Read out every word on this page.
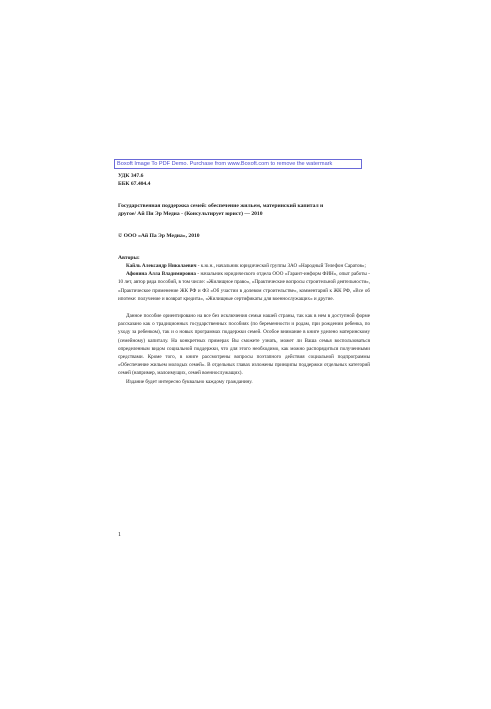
Boxoft Image To PDF Demo. Purchase from www.Boxoft.com to remove the watermark
УДК 347.6
ББК 67.404.4
Государственная поддержка семей: обеспечение жильем, материнский капитал и
другое/ Ай Пи Эр Медиа - (Консультирует юрист) — 2010
© ООО «Ай Па Эр Медиа», 2010
Авторы:
Кайль Александр Николаевич - к.ю.н., начальник юридической группы ЗАО «Народный Телефон Саратов»;
Афонина Алла Владимировна - начальник юридического отдела ООО «Гарант-информ ФИН», опыт работы - 10 лет, автор ряда пособий, в том числе: «Жилищное право», «Практические вопросы строительной деятельности», «Практическое применение ЖК РФ и ФЗ «Об участии в долевом строительстве», комментарий к ЖК РФ, «Все об ипотеке: получение и возврат кредита», «Жилищные сертификаты для военнослужащих» и другие.
Данное пособие ориентировано на все без исключения семьи нашей страны, так как в нем в доступной форме рассказано как о традиционных государственных пособиях (по беременности и родам, при рождении ребенка, по уходу за ребенком), так и о новых программах поддержки семей. Особое внимание в книге уделено материнскому (семейному) капиталу. На конкретных примерах Вы сможете узнать, может ли Ваша семья воспользоваться определенным видом социальной поддержки, что для этого необходимо, как можно распорядиться полученными средствами. Кроме того, в книге рассмотрены вопросы поэтапного действия социальной подпрограммы «Обеспечение жильем молодых семей». В отдельных главах изложены принципы поддержки отдельных категорий семей (например, малоимущих, семей военнослужащих).
Издание будет интересно буквально каждому гражданину.
1
